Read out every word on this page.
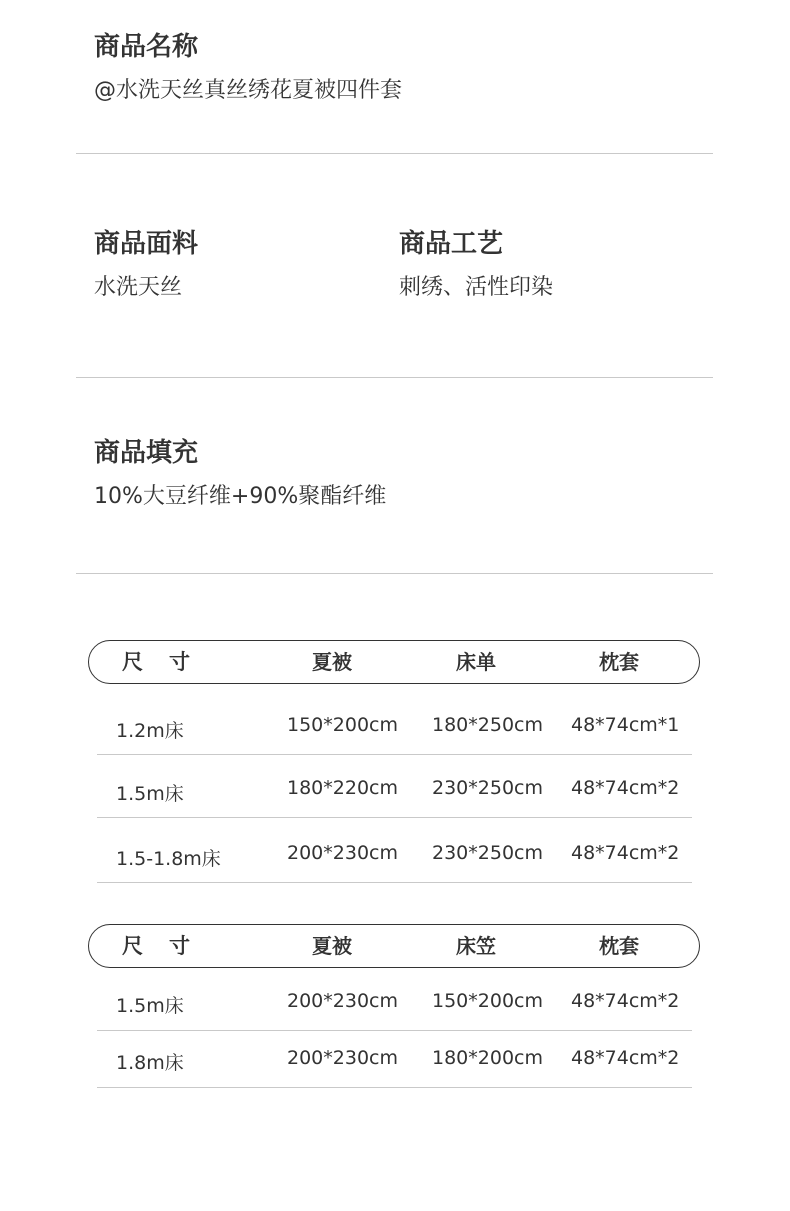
商品名称
@水洗天丝真丝绣花夏被四件套
商品面料
水洗天丝
商品工艺
刺绣、活性印染
商品填充
10%大豆纤维+90%聚酯纤维
尺寸	夏被	床单	枕套
1.2m床	150*200cm 180*250cm 48*74cm*1
1.5m床	180*220cm 230*250cm 48*74cm*2
1.5-1.8m床	200*230cm 230*250cm 48*74cm*2
尺寸	夏被	床笠	枕套
1.5m床	200*230cm 150*200cm 48*74cm*2
1.8m床	200*230cm 180*200cm 48*74cm*2
